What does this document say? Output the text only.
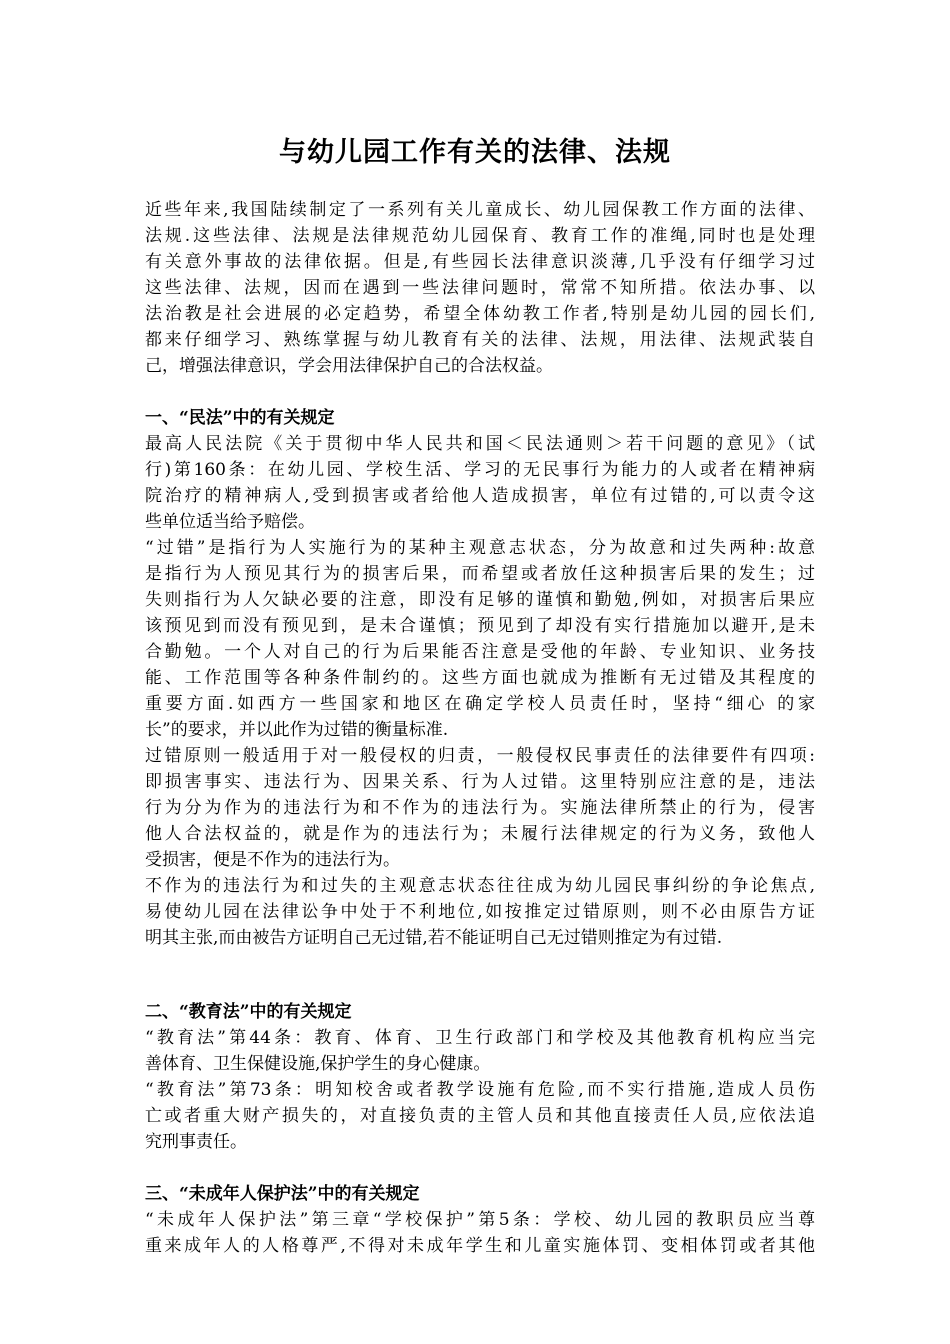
与幼儿园工作有关的法律、法规
近些年来,我国陆续制定了一系列有关儿童成长、幼儿园保教工作方面的法律、
法规.这些法律、法规是法律规范幼儿园保育、教育工作的准绳,同时也是处理
有关意外事故的法律依据。但是,有些园长法律意识淡薄,几乎没有仔细学习过
这些法律、法规，因而在遇到一些法律问题时，常常不知所措。依法办事、以
法治教是社会进展的必定趋势，希望全体幼教工作者,特别是幼儿园的园长们,
都来仔细学习、熟练掌握与幼儿教育有关的法律、法规，用法律、法规武装自
己，增强法律意识，学会用法律保护自己的合法权益。
一、“民法”中的有关规定
最高人民法院《关于贯彻中华人民共和国＜民法通则＞若干问题的意见》（试
行)第160条：在幼儿园、学校生活、学习的无民事行为能力的人或者在精神病
院治疗的精神病人,受到损害或者给他人造成损害，单位有过错的,可以责令这
些单位适当给予赔偿。
“过错”是指行为人实施行为的某种主观意志状态，分为故意和过失两种:故意
是指行为人预见其行为的损害后果，而希望或者放任这种损害后果的发生；过
失则指行为人欠缺必要的注意，即没有足够的谨慎和勤勉,例如，对损害后果应
该预见到而没有预见到，是未合谨慎；预见到了却没有实行措施加以避开,是未
合勤勉。一个人对自己的行为后果能否注意是受他的年龄、专业知识、业务技
能、工作范围等各种条件制约的。这些方面也就成为推断有无过错及其程度的
重要方面.如西方一些国家和地区在确定学校人员责任时，坚持“细心 的家
长”的要求，并以此作为过错的衡量标准.
过错原则一般适用于对一般侵权的归责，一般侵权民事责任的法律要件有四项:
即损害事实、违法行为、因果关系、行为人过错。这里特别应注意的是，违法
行为分为作为的违法行为和不作为的违法行为。实施法律所禁止的行为，侵害
他人合法权益的，就是作为的违法行为；未履行法律规定的行为义务，致他人
受损害，便是不作为的违法行为。
不作为的违法行为和过失的主观意志状态往往成为幼儿园民事纠纷的争论焦点,
易使幼儿园在法律讼争中处于不利地位,如按推定过错原则，则不必由原告方证
明其主张,而由被告方证明自己无过错,若不能证明自己无过错则推定为有过错.
二、“教育法”中的有关规定
“教育法”第44条：教育、体育、卫生行政部门和学校及其他教育机构应当完
善体育、卫生保健设施,保护学生的身心健康。
“教育法”第73条：明知校舍或者教学设施有危险,而不实行措施,造成人员伤
亡或者重大财产损失的，对直接负责的主管人员和其他直接责任人员,应依法追
究刑事责任。
三、“未成年人保护法”中的有关规定
“未成年人保护法”第三章“学校保护”第5条：学校、幼儿园的教职员应当尊
重来成年人的人格尊严,不得对未成年学生和儿童实施体罚、变相体罚或者其他
